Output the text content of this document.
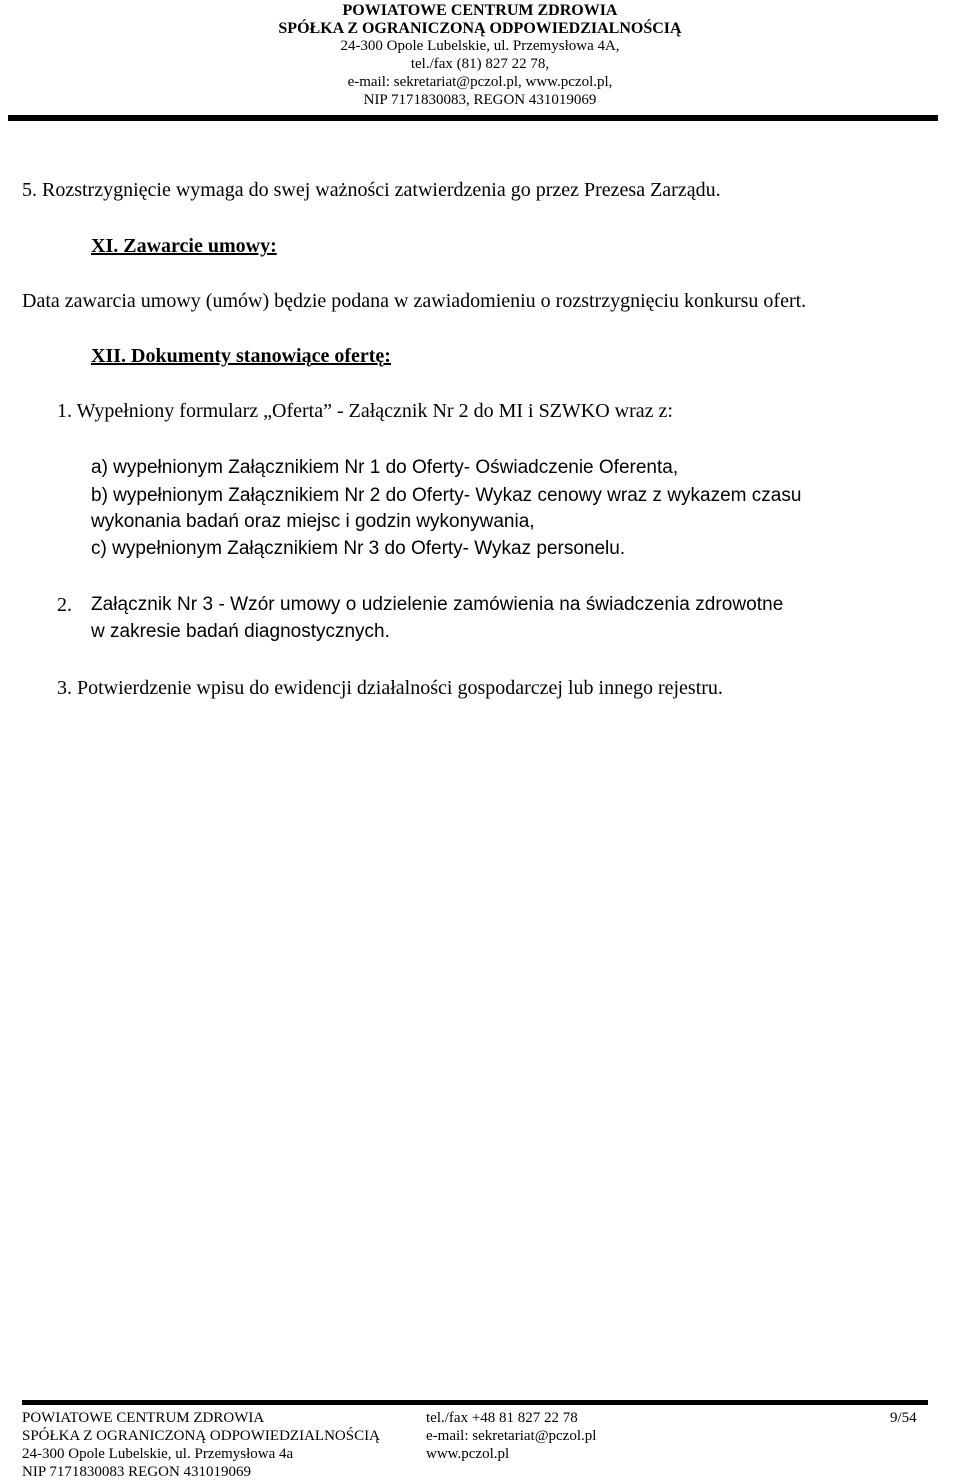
POWIATOWE CENTRUM ZDROWIA
SPÓŁKA Z OGRANICZONĄ ODPOWIEDZIALNOŚCIĄ
24-300 Opole Lubelskie, ul. Przemysłowa 4A,
tel./fax (81) 827 22 78,
e-mail: sekretariat@pczol.pl, www.pczol.pl,
NIP 7171830083, REGON 431019069
5. Rozstrzygnięcie wymaga do swej ważności zatwierdzenia go przez Prezesa Zarządu.
XI. Zawarcie umowy:
Data zawarcia umowy (umów) będzie podana w zawiadomieniu o rozstrzygnięciu konkursu ofert.
XII. Dokumenty stanowiące ofertę:
1. Wypełniony formularz „Oferta” - Załącznik Nr 2 do MI i SZWKO wraz z:
a) wypełnionym Załącznikiem Nr 1 do Oferty- Oświadczenie Oferenta,
b) wypełnionym Załącznikiem Nr 2 do Oferty- Wykaz cenowy wraz z wykazem czasu
wykonania badań oraz miejsc i godzin wykonywania,
c) wypełnionym Załącznikiem Nr 3 do Oferty- Wykaz personelu.
2. Załącznik Nr 3 - Wzór umowy o udzielenie zamówienia na świadczenia zdrowotne
w zakresie badań diagnostycznych.
3. Potwierdzenie wpisu do ewidencji działalności gospodarczej lub innego rejestru.
POWIATOWE CENTRUM ZDROWIA
SPÓŁKA Z OGRANICZONĄ ODPOWIEDZIALNOŚCIĄ
24-300 Opole Lubelskie, ul. Przemysłowa 4a
NIP 7171830083 REGON 431019069
tel./fax +48 81 827 22 78
e-mail: sekretariat@pczol.pl
www.pczol.pl
9/54
